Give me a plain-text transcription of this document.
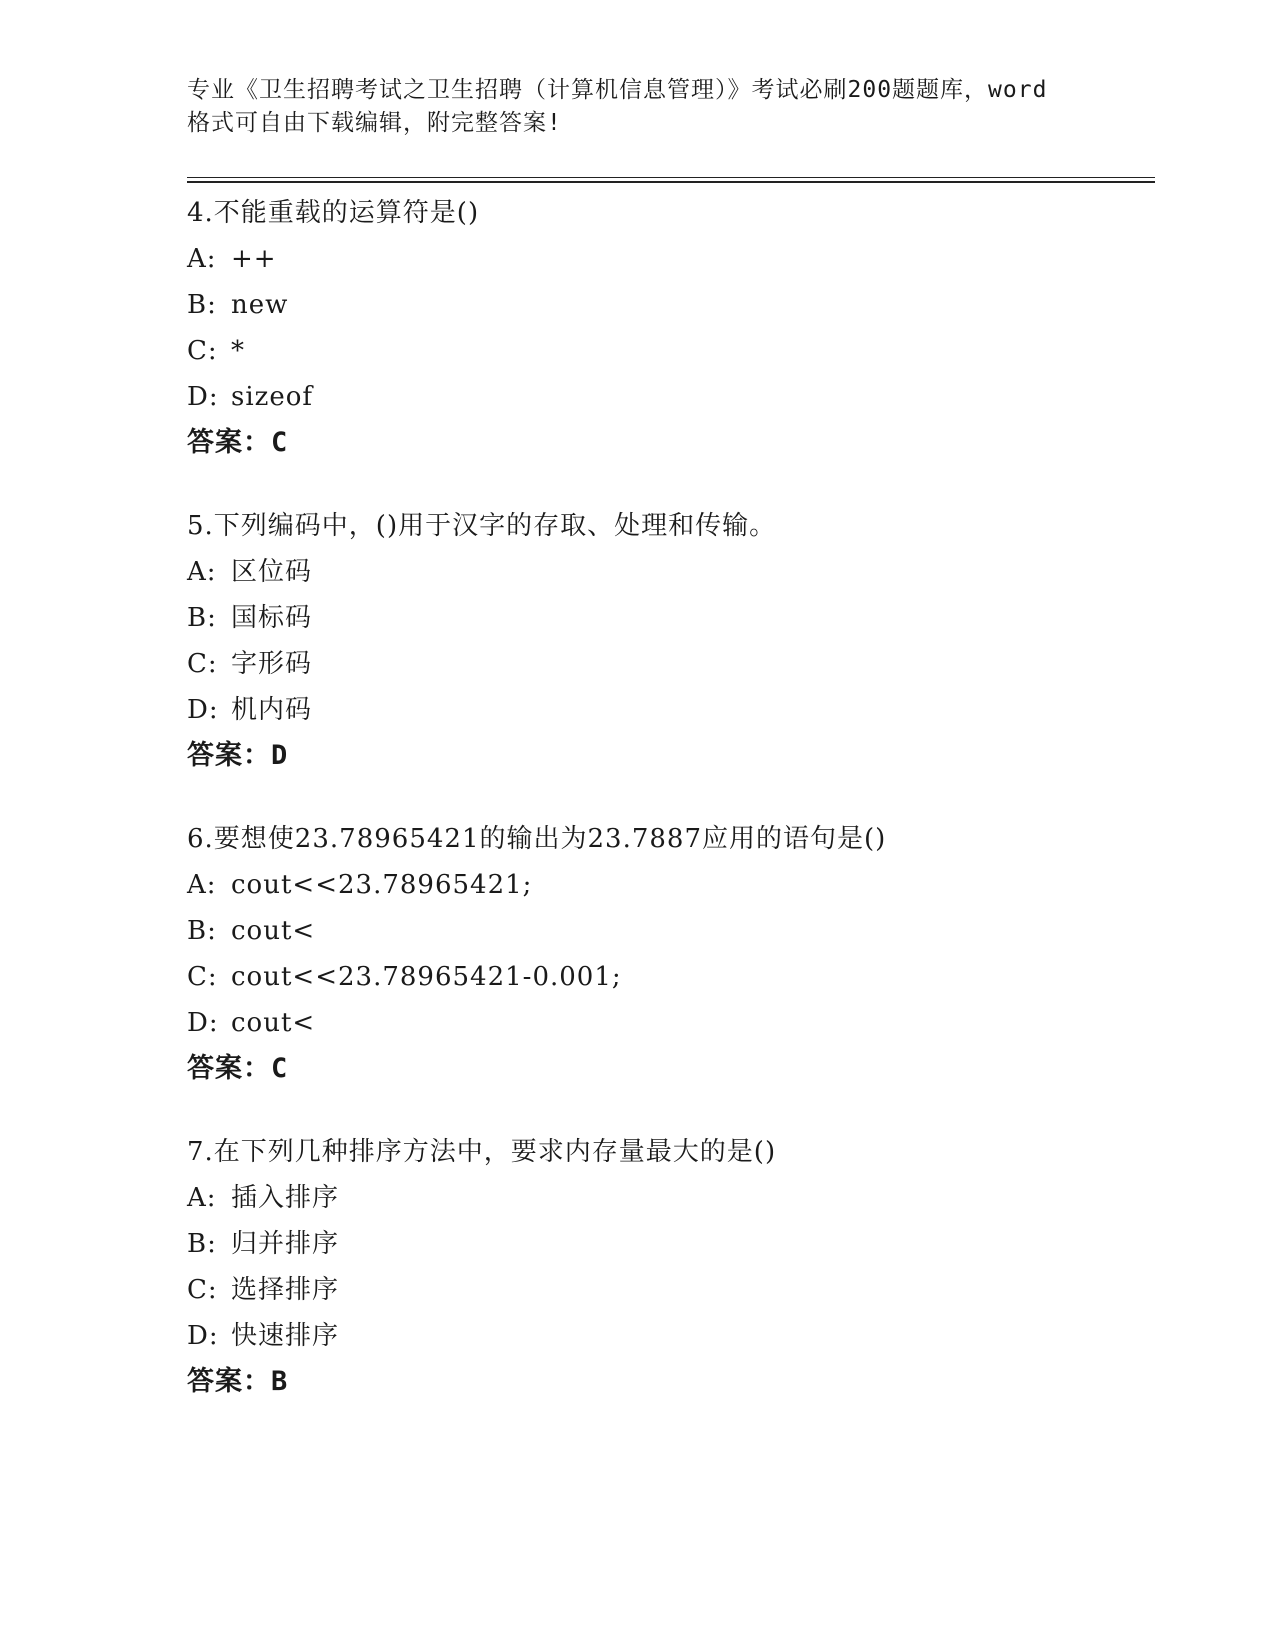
专业《卫生招聘考试之卫生招聘（计算机信息管理）》考试必刷200题题库，word
格式可自由下载编辑，附完整答案!
4.不能重载的运算符是()
A: ++
B: new
C: *
D: sizeof
答案：C
5.下列编码中，()用于汉字的存取、处理和传输。
A: 区位码
B: 国标码
C: 字形码
D: 机内码
答案：D
6.要想使23.78965421的输出为23.7887应用的语句是()
A: cout<<23.78965421;
B: cout<
C: cout<<23.78965421-0.001;
D: cout<
答案：C
7.在下列几种排序方法中，要求内存量最大的是()
A: 插入排序
B: 归并排序
C: 选择排序
D: 快速排序
答案：B
